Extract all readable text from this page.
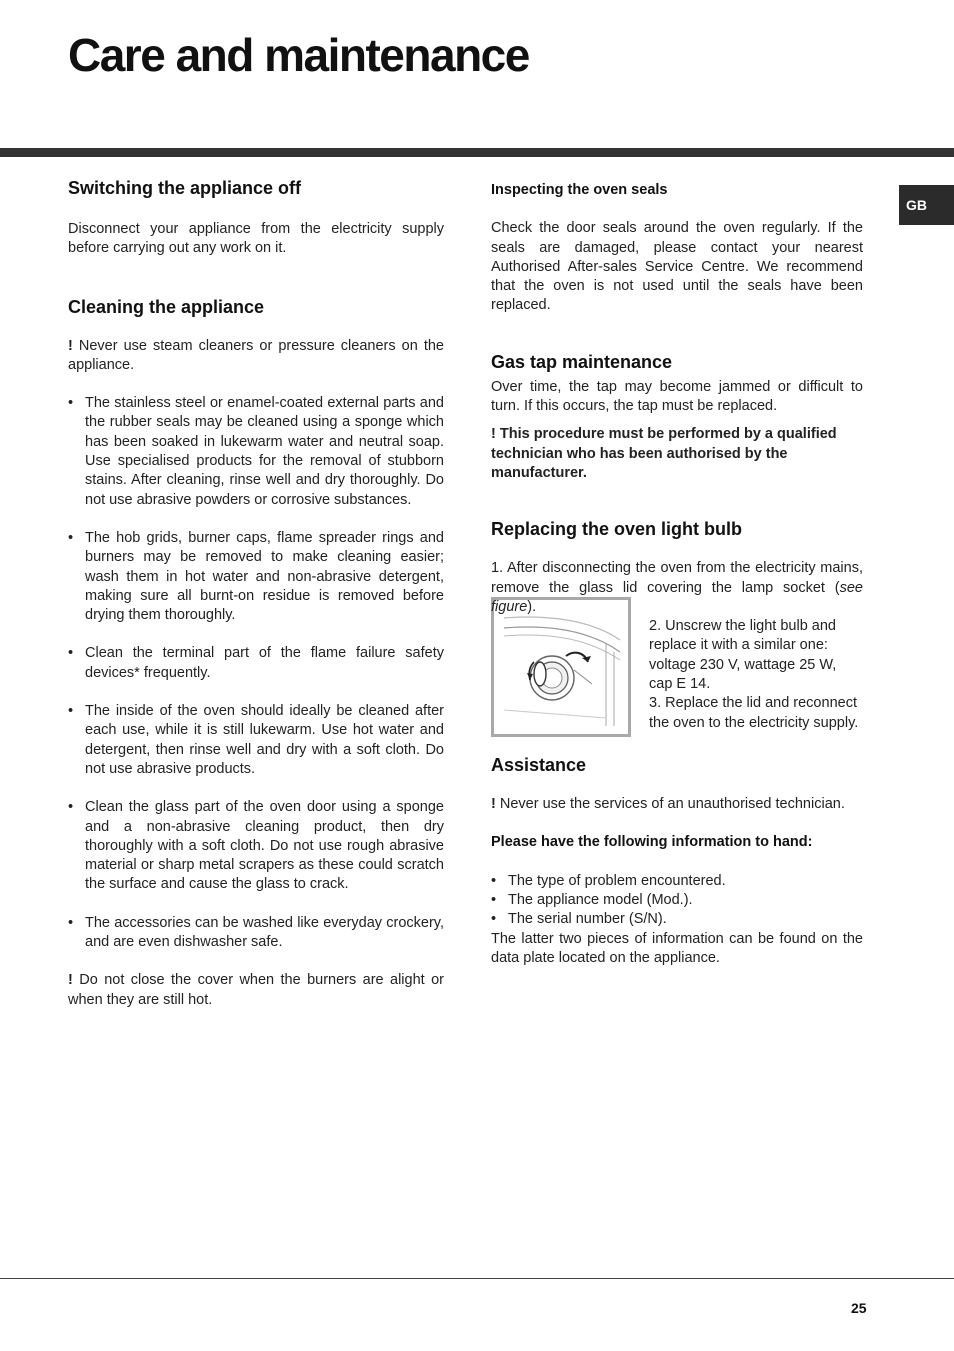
Care and maintenance
GB
Switching the appliance off

Disconnect your appliance from the electricity supply before carrying out any work on it.

Cleaning the appliance

! Never use steam cleaners or pressure cleaners on the appliance.

• The stainless steel or enamel-coated external parts and the rubber seals may be cleaned using a sponge which has been soaked in lukewarm water and neutral soap. Use specialised products for the removal of stubborn stains. After cleaning, rinse well and dry thoroughly. Do not use abrasive powders or corrosive substances.
• The hob grids, burner caps, flame spreader rings and burners may be removed to make cleaning easier; wash them in hot water and non-abrasive detergent, making sure all burnt-on residue is removed before drying them thoroughly.
• Clean the terminal part of the flame failure safety devices* frequently.
• The inside of the oven should ideally be cleaned after each use, while it is still lukewarm. Use hot water and detergent, then rinse well and dry with a soft cloth. Do not use abrasive products.
• Clean the glass part of the oven door using a sponge and a non-abrasive cleaning product, then dry thoroughly with a soft cloth. Do not use rough abrasive material or sharp metal scrapers as these could scratch the surface and cause the glass to crack.
• The accessories can be washed like everyday crockery, and are even dishwasher safe.

! Do not close the cover when the burners are alight or when they are still hot.

Inspecting the oven seals

Check the door seals around the oven regularly. If the seals are damaged, please contact your nearest Authorised After-sales Service Centre. We recommend that the oven is not used until the seals have been replaced.

Gas tap maintenance

Over time, the tap may become jammed or difficult to turn. If this occurs, the tap must be replaced.

! This procedure must be performed by a qualified technician who has been authorised by the manufacturer.

Replacing the oven light bulb

1. After disconnecting the oven from the electricity mains, remove the glass lid covering the lamp socket (see figure).

2. Unscrew the light bulb and replace it with a similar one: voltage 230 V, wattage 25 W, cap E 14.

3. Replace the lid and reconnect the oven to the electricity supply.

Assistance

! Never use the services of an unauthorised technician.

Please have the following information to hand:
• The type of problem encountered.
• The appliance model (Mod.).
• The serial number (S/N).

The latter two pieces of information can be found on the data plate located on the appliance.

25
